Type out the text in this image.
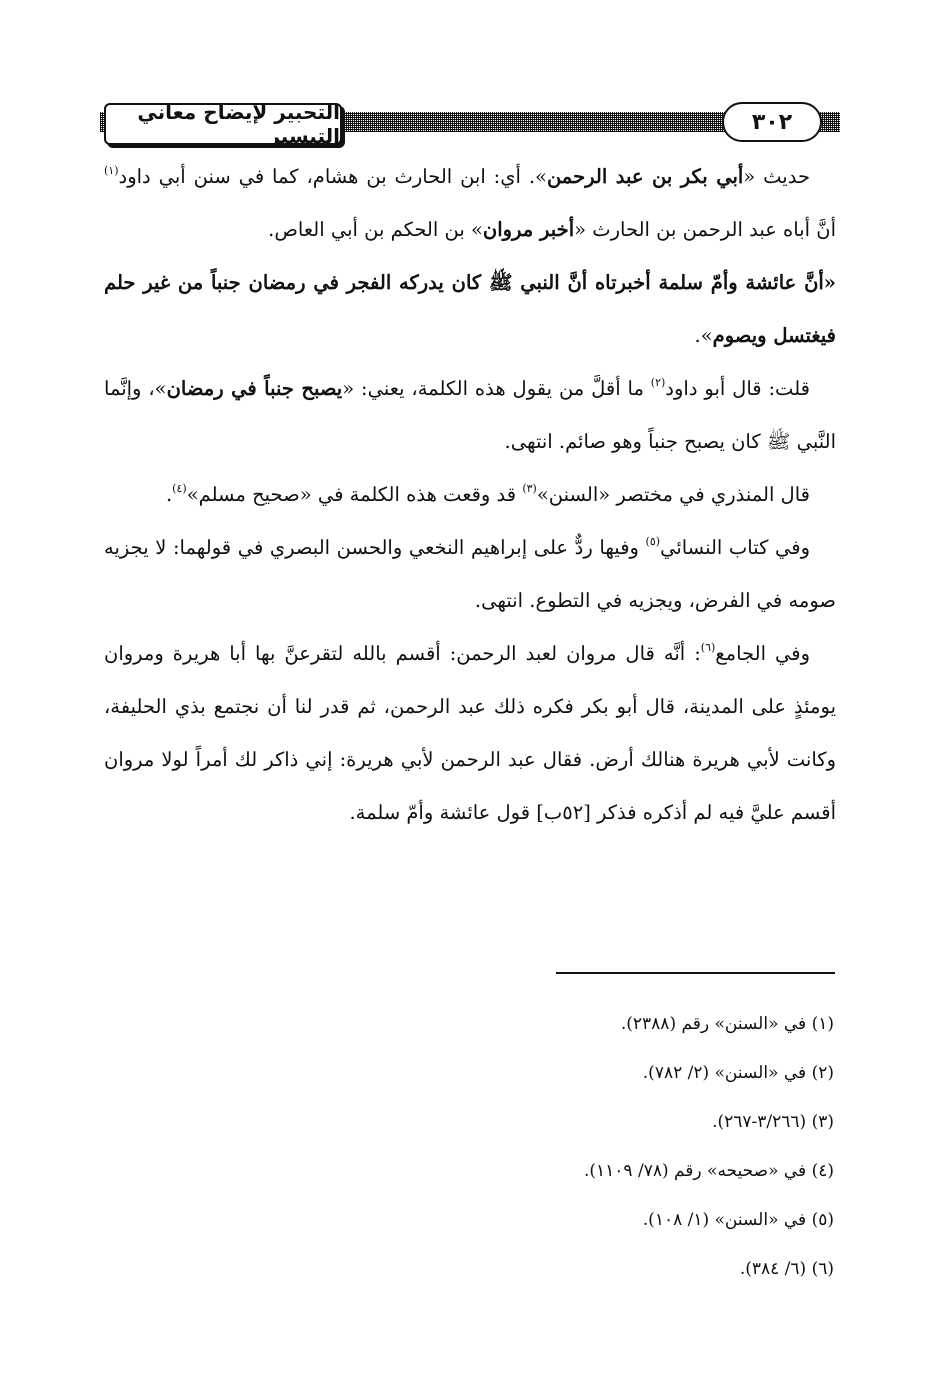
التحبير لإيضاح معاني التيسير
٣٠٢

حديث «أبي بكر بن عبد الرحمن». أي: ابن الحارث بن هشام، كما في سنن أبي داود$^{(١)}$ أنَّ أباه عبد الرحمن بن الحارث «أخبر مروان» بن الحكم بن أبي العاص.

«أنَّ عائشة وأمّ سلمة أخبرتاه أنَّ النبي ﷺ كان يدركه الفجر في رمضان جنباً من غير حلم فيغتسل ويصوم».

قلت: قال أبو داود$^{(٢)}$ ما أقلَّ من يقول هذه الكلمة، يعني: «يصبح جنباً في رمضان»، وإنَّما النَّبي ﷺ كان يصبح جنباً وهو صائم. انتهى.

قال المنذري في مختصر «السنن»$^{(٣)}$ قد وقعت هذه الكلمة في «صحيح مسلم»$^{(٤)}$.

وفي كتاب النسائي$^{(٥)}$ وفيها ردٌّ على إبراهيم النخعي والحسن البصري في قولهما: لا يجزيه صومه في الفرض، ويجزيه في التطوع. انتهى.

وفي الجامع$^{(٦)}$: أنَّه قال مروان لعبد الرحمن: أقسم بالله لتقرعنَّ بها أبا هريرة ومروان يومئذٍ على المدينة، قال أبو بكر فكره ذلك عبد الرحمن، ثم قدر لنا أن نجتمع بذي الحليفة، وكانت لأبي هريرة هنالك أرض. فقال عبد الرحمن لأبي هريرة: إني ذاكر لك أمراً لولا مروان أقسم عليَّ فيه لم أذكره فذكر [٥٢ب] قول عائشة وأمّ سلمة.

(١) في «السنن» رقم (٢٣٨٨).

(٢) في «السنن» (٢/ ٧٨٢).

(٣) (٣/٢٦٦-٢٦٧).

(٤) في «صحيحه» رقم (٧٨/ ١١٠٩).

(٥) في «السنن» (١/ ١٠٨).

(٦) (٦/ ٣٨٤).
